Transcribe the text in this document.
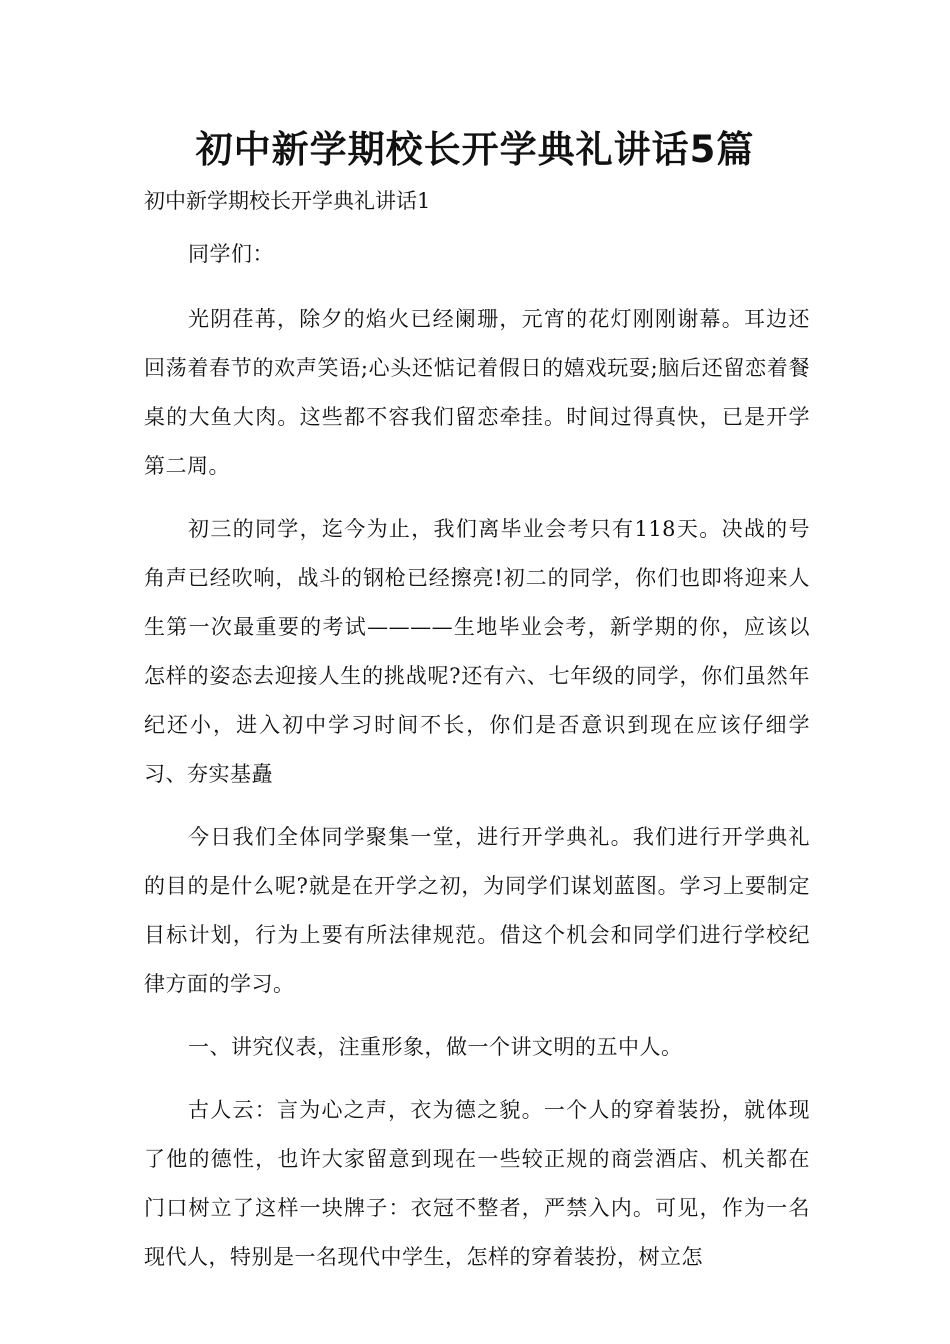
初中新学期校长开学典礼讲话5篇
初中新学期校长开学典礼讲话1

同学们：

光阴荏苒，除夕的焰火已经阑珊，元宵的花灯刚刚谢幕。耳边还回荡着春节的欢声笑语;心头还惦记着假日的嬉戏玩耍;脑后还留恋着餐桌的大鱼大肉。这些都不容我们留恋牵挂。时间过得真快，已是开学第二周。

初三的同学，迄今为止，我们离毕业会考只有118天。决战的号角声已经吹响，战斗的钢枪已经擦亮!初二的同学，你们也即将迎来人生第一次最重要的考试————生地毕业会考，新学期的你，应该以怎样的姿态去迎接人生的挑战呢?还有六、七年级的同学，你们虽然年纪还小，进入初中学习时间不长，你们是否意识到现在应该仔细学习、夯实基矗

今日我们全体同学聚集一堂，进行开学典礼。我们进行开学典礼的目的是什么呢?就是在开学之初，为同学们谋划蓝图。学习上要制定目标计划，行为上要有所法律规范。借这个机会和同学们进行学校纪律方面的学习。

一、讲究仪表，注重形象，做一个讲文明的五中人。

古人云：言为心之声，衣为德之貌。一个人的穿着装扮，就体现了他的德性，也许大家留意到现在一些较正规的商尝酒店、机关都在门口树立了这样一块牌子：衣冠不整者，严禁入内。可见，作为一名现代人，特别是一名现代中学生，怎样的穿着装扮，树立怎
